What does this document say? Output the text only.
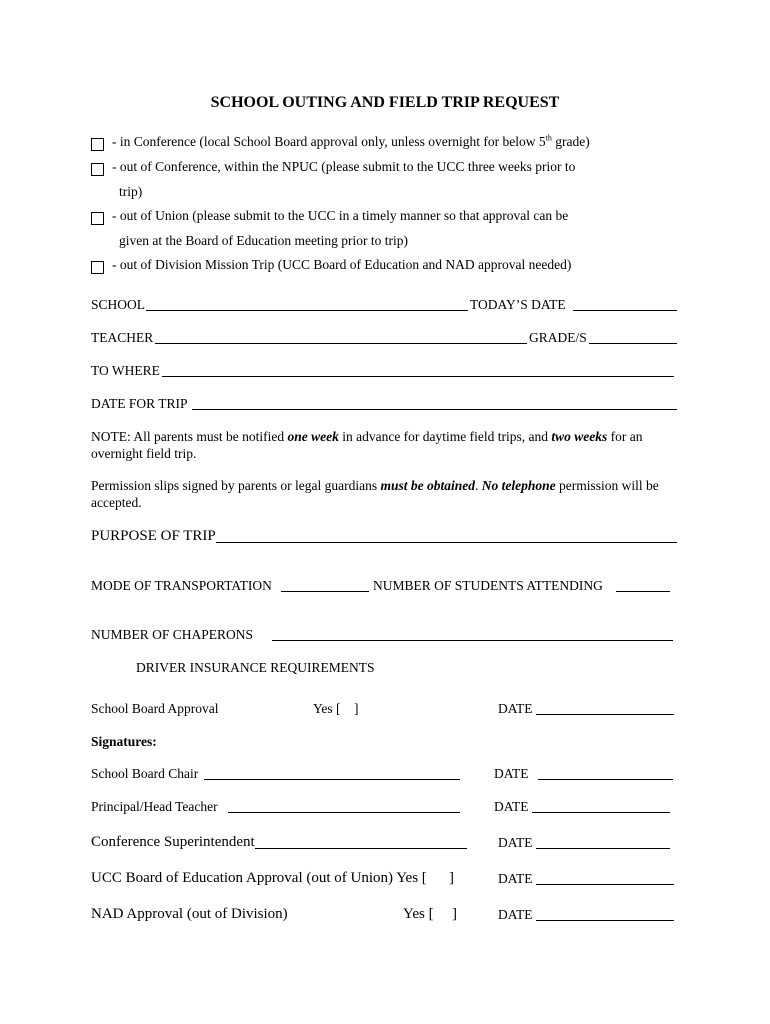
SCHOOL OUTING AND FIELD TRIP REQUEST
- in Conference (local School Board approval only, unless overnight for below 5th grade)
- out of Conference, within the NPUC (please submit to the UCC three weeks prior to
trip)
- out of Union (please submit to the UCC in a timely manner so that approval can be
given at the Board of Education meeting prior to trip)
- out of Division Mission Trip (UCC Board of Education and NAD approval needed)
SCHOOL	TODAY’S DATE
TEACHER	GRADE/S
TO WHERE
DATE FOR TRIP
NOTE: All parents must be notified one week in advance for daytime field trips, and two weeks for an overnight field trip.
Permission slips signed by parents or legal guardians must be obtained. No telephone permission will be accepted.
PURPOSE OF TRIP
MODE OF TRANSPORTATION	NUMBER OF STUDENTS ATTENDING
NUMBER OF CHAPERONS
DRIVER INSURANCE REQUIREMENTS
School Board Approval	Yes [    ]	DATE
Signatures:
School Board Chair	DATE
Principal/Head Teacher	DATE
Conference Superintendent	DATE
UCC Board of Education Approval (out of Union) Yes [ ]	DATE
NAD Approval (out of Division)	Yes [ ]	DATE
